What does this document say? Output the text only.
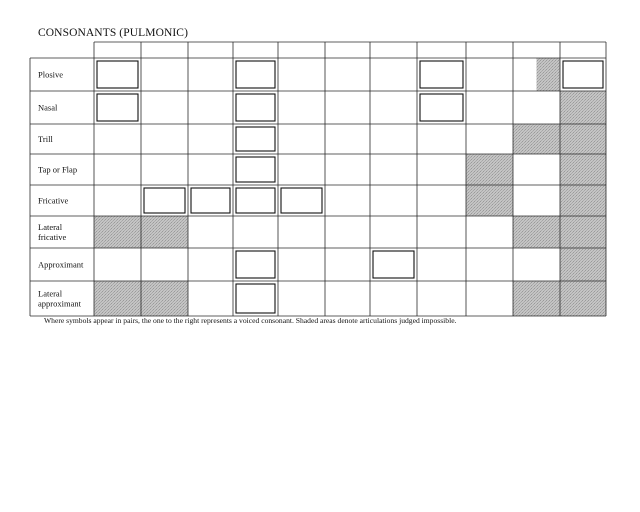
CONSONANTS (PULMONIC)
Plosive
Nasal
Trill
Tap or Flap
Fricative
Lateral fricative
Approximant
Lateral approximant
Where symbols appear in pairs, the one to the right represents a voiced consonant. Shaded areas denote articulations judged impossible.
